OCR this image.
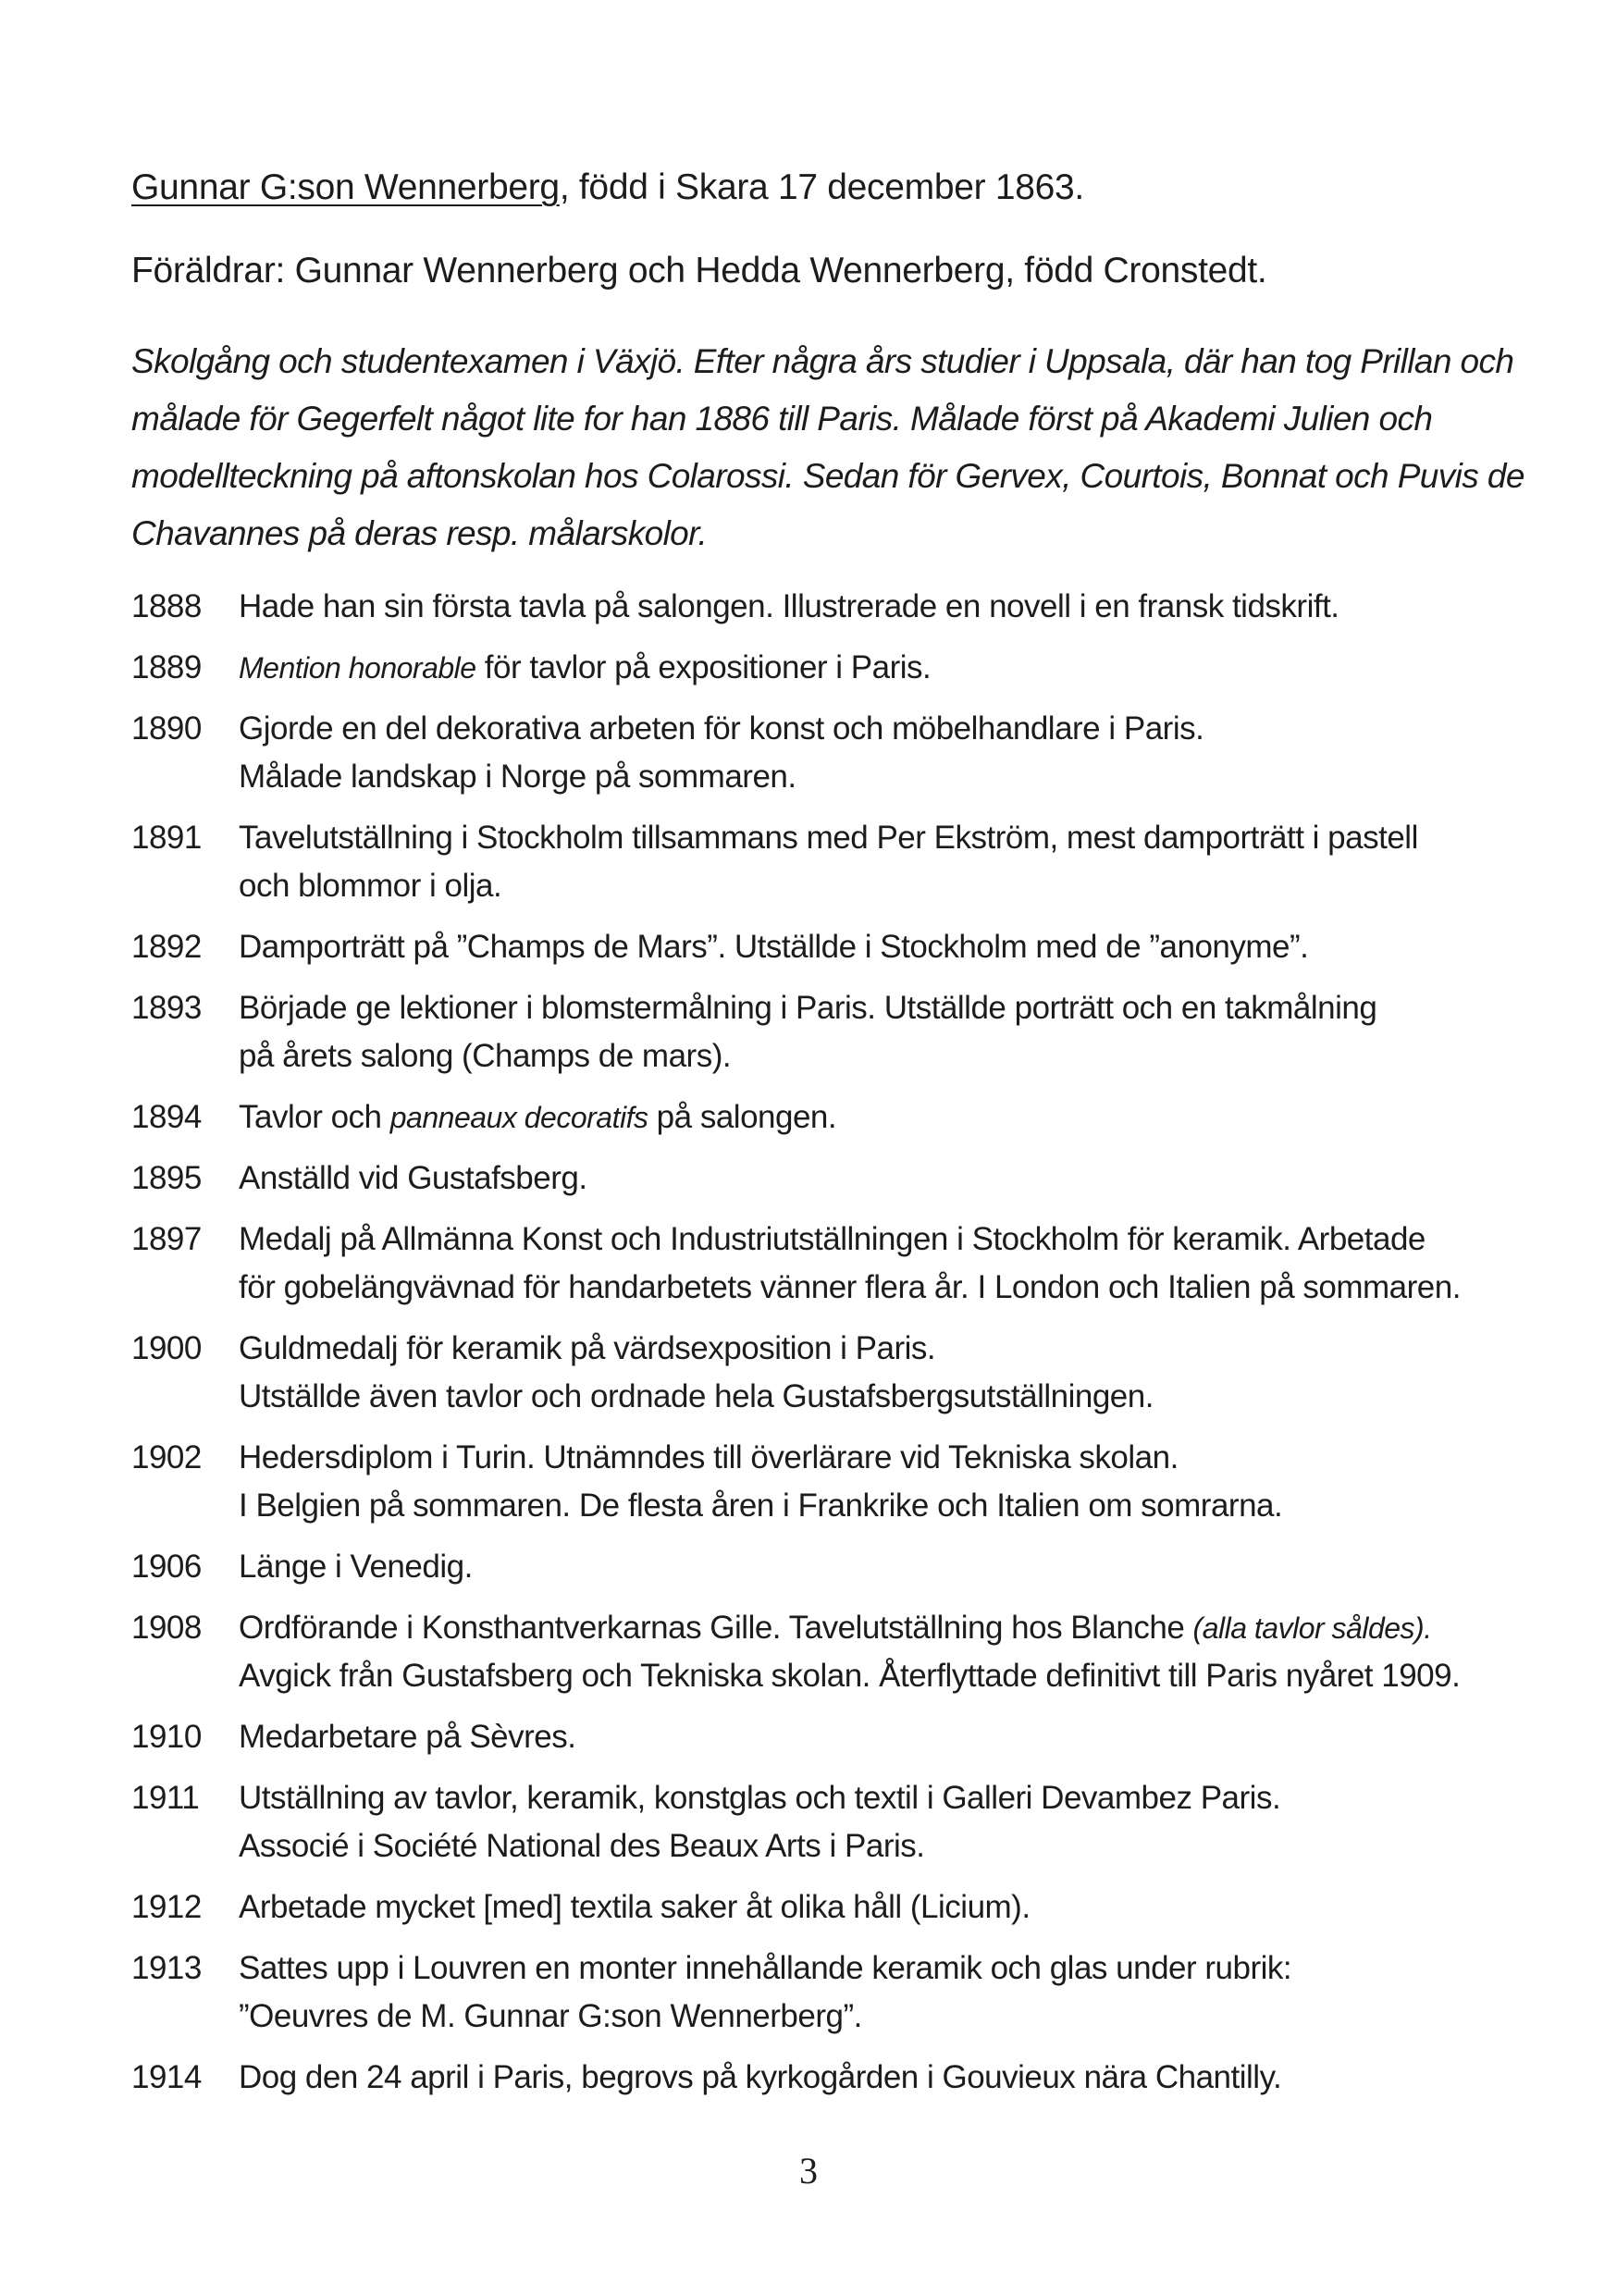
Gunnar G:son Wennerberg, född i Skara 17 december 1863.
Föräldrar: Gunnar Wennerberg och Hedda Wennerberg, född Cronstedt.
Skolgång och studentexamen i Växjö. Efter några års studier i Uppsala, där han tog Prillan och
målade för Gegerfelt något lite for han 1886 till Paris. Målade först på Akademi Julien och
modellteckning på aftonskolan hos Colarossi. Sedan för Gervex, Courtois, Bonnat och Puvis de
Chavannes på deras resp. målarskolor.
1888	Hade han sin första tavla på salongen. Illustrerade en novell i en fransk tidskrift.
1889	Mention honorable för tavlor på expositioner i Paris.
1890	Gjorde en del dekorativa arbeten för konst och möbelhandlare i Paris.
Målade landskap i Norge på sommaren.
1891	Tavelutställning i Stockholm tillsammans med Per Ekström, mest damporträtt i pastell
och blommor i olja.
1892	Damporträtt på ”Champs de Mars”. Utställde i Stockholm med de ”anonyme”.
1893	Började ge lektioner i blomstermålning i Paris. Utställde porträtt och en takmålning
på årets salong (Champs de mars).
1894	Tavlor och panneaux decoratifs på salongen.
1895	Anställd vid Gustafsberg.
1897	Medalj på Allmänna Konst och Industriutställningen i Stockholm för keramik. Arbetade
för gobelängvävnad för handarbetets vänner flera år. I London och Italien på sommaren.
1900	Guldmedalj för keramik på värdsexposition i Paris.
Utställde även tavlor och ordnade hela Gustafsbergsutställningen.
1902	Hedersdiplom i Turin. Utnämndes till överlärare vid Tekniska skolan.
I Belgien på sommaren. De flesta åren i Frankrike och Italien om somrarna.
1906	Länge i Venedig.
1908	Ordförande i Konsthantverkarnas Gille. Tavelutställning hos Blanche (alla tavlor såldes).
Avgick från Gustafsberg och Tekniska skolan. Återflyttade definitivt till Paris nyåret 1909.
1910	Medarbetare på Sèvres.
1911	Utställning av tavlor, keramik, konstglas och textil i Galleri Devambez Paris.
Associé i Société National des Beaux Arts i Paris.
1912	Arbetade mycket [med] textila saker åt olika håll (Licium).
1913	Sattes upp i Louvren en monter innehållande keramik och glas under rubrik:
”Oeuvres de M. Gunnar G:son Wennerberg”.
1914	Dog den 24 april i Paris, begrovs på kyrkogården i Gouvieux nära Chantilly.
3
